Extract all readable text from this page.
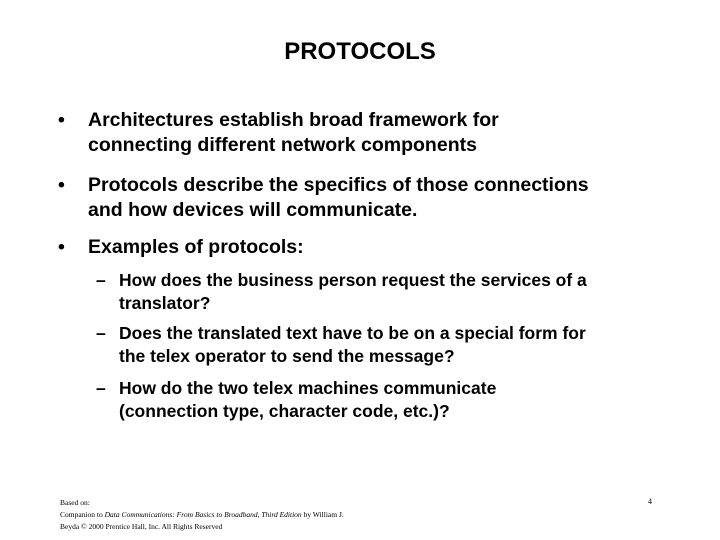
PROTOCOLS
•	Architectures establish broad framework for
connecting different network components
•	Protocols describe the specifics of those connections
and how devices will communicate.
•	Examples of protocols:
– How does the business person request the services of a
translator?
– Does the translated text have to be on a special form for
the telex operator to send the message?
– How do the two telex machines communicate
(connection type, character code, etc.)?
Based on:
Companion to Data Communications: From Basics to Broadband, Third Edition by William J.
Beyda © 2000 Prentice Hall, Inc. All Rights Reserved
4
